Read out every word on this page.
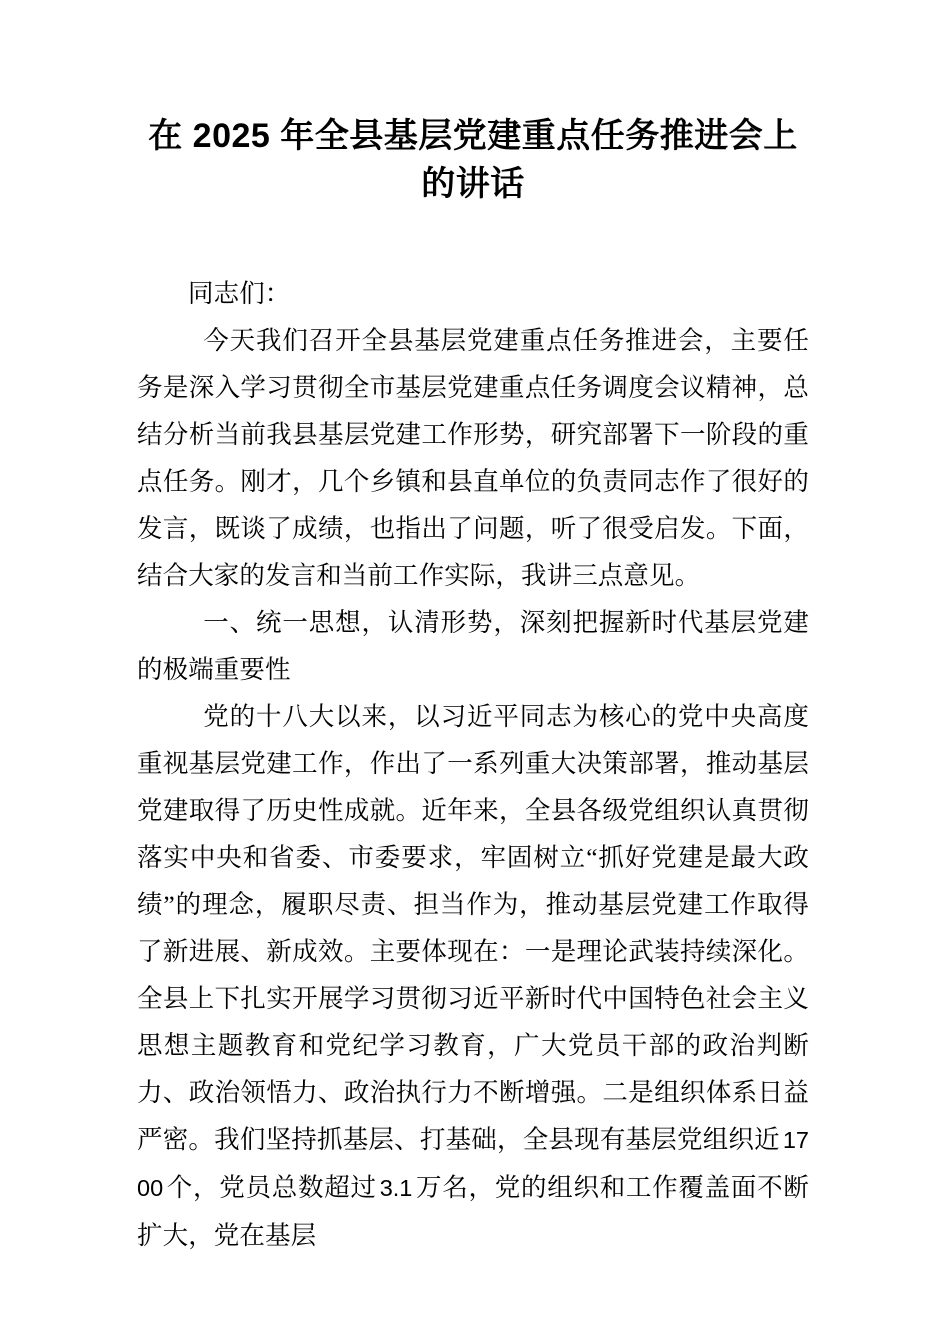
在 2025 年全县基层党建重点任务推进会上的讲话

同志们：

今天我们召开全县基层党建重点任务推进会，主要任务是深入学习贯彻全市基层党建重点任务调度会议精神，总结分析当前我县基层党建工作形势，研究部署下一阶段的重点任务。刚才，几个乡镇和县直单位的负责同志作了很好的发言，既谈了成绩，也指出了问题，听了很受启发。下面，结合大家的发言和当前工作实际，我讲三点意见。

一、统一思想，认清形势，深刻把握新时代基层党建的极端重要性

党的十八大以来，以习近平同志为核心的党中央高度重视基层党建工作，作出了一系列重大决策部署，推动基层党建取得了历史性成就。近年来，全县各级党组织认真贯彻落实中央和省委、市委要求，牢固树立“抓好党建是最大政绩”的理念，履职尽责、担当作为，推动基层党建工作取得了新进展、新成效。主要体现在：一是理论武装持续深化。全县上下扎实开展学习贯彻习近平新时代中国特色社会主义思想主题教育和党纪学习教育，广大党员干部的政治判断力、政治领悟力、政治执行力不断增强。二是组织体系日益严密。我们坚持抓基层、打基础，全县现有基层党组织近 1700 个，党员总数超过 3.1 万名，党的组织和工作覆盖面不断扩大，党在基层
